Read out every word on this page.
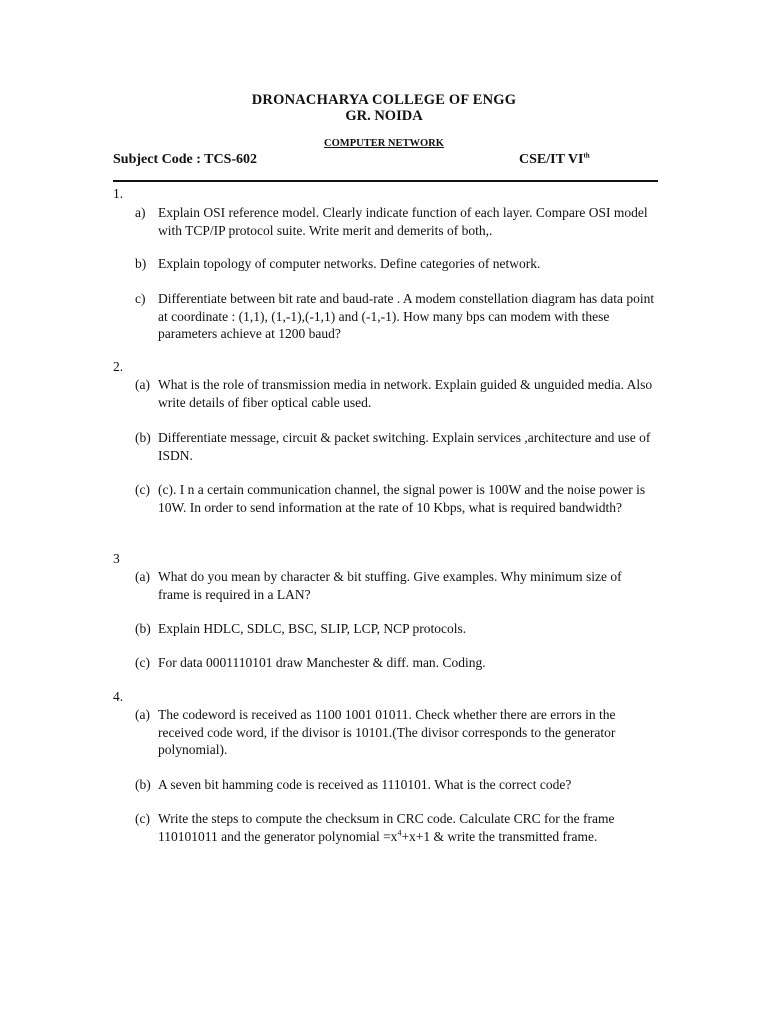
DRONACHARYA COLLEGE OF ENGG
GR. NOIDA
COMPUTER NETWORK
Subject Code : TCS-602	CSE/IT VIth
1.
a) Explain OSI reference model. Clearly indicate function of each layer. Compare OSI model with TCP/IP protocol suite. Write merit and demerits of both,.
b) Explain topology of computer networks. Define categories of network.
c) Differentiate between bit rate and baud-rate . A modem constellation diagram has data point at coordinate : (1,1), (1,-1),(-1,1) and (-1,-1). How many bps can modem with these parameters achieve at 1200 baud?
2.
(a) What is the role of transmission media in network. Explain guided & unguided media. Also write details of fiber optical cable used.
(b) Differentiate message, circuit & packet switching. Explain services ,architecture and use of ISDN.
(c) (c). I n a certain communication channel, the signal power is 100W and the noise power is 10W. In order to send information at the rate of 10 Kbps, what is required bandwidth?
3
(a) What do you mean by character & bit stuffing. Give examples. Why minimum size of frame is required in a LAN?
(b) Explain HDLC, SDLC, BSC, SLIP, LCP, NCP protocols.
(c) For data 0001110101 draw Manchester & diff. man. Coding.
4.
(a) The codeword is received as 1100 1001 01011. Check whether there are errors in the received code word, if the divisor is 10101.(The divisor corresponds to the generator polynomial).
(b) A seven bit hamming code is received as 1110101. What is the correct code?
(c) Write the steps to compute the checksum in CRC code. Calculate CRC for the frame 110101011 and the generator polynomial $=x^4+x+1$ & write the transmitted frame.
